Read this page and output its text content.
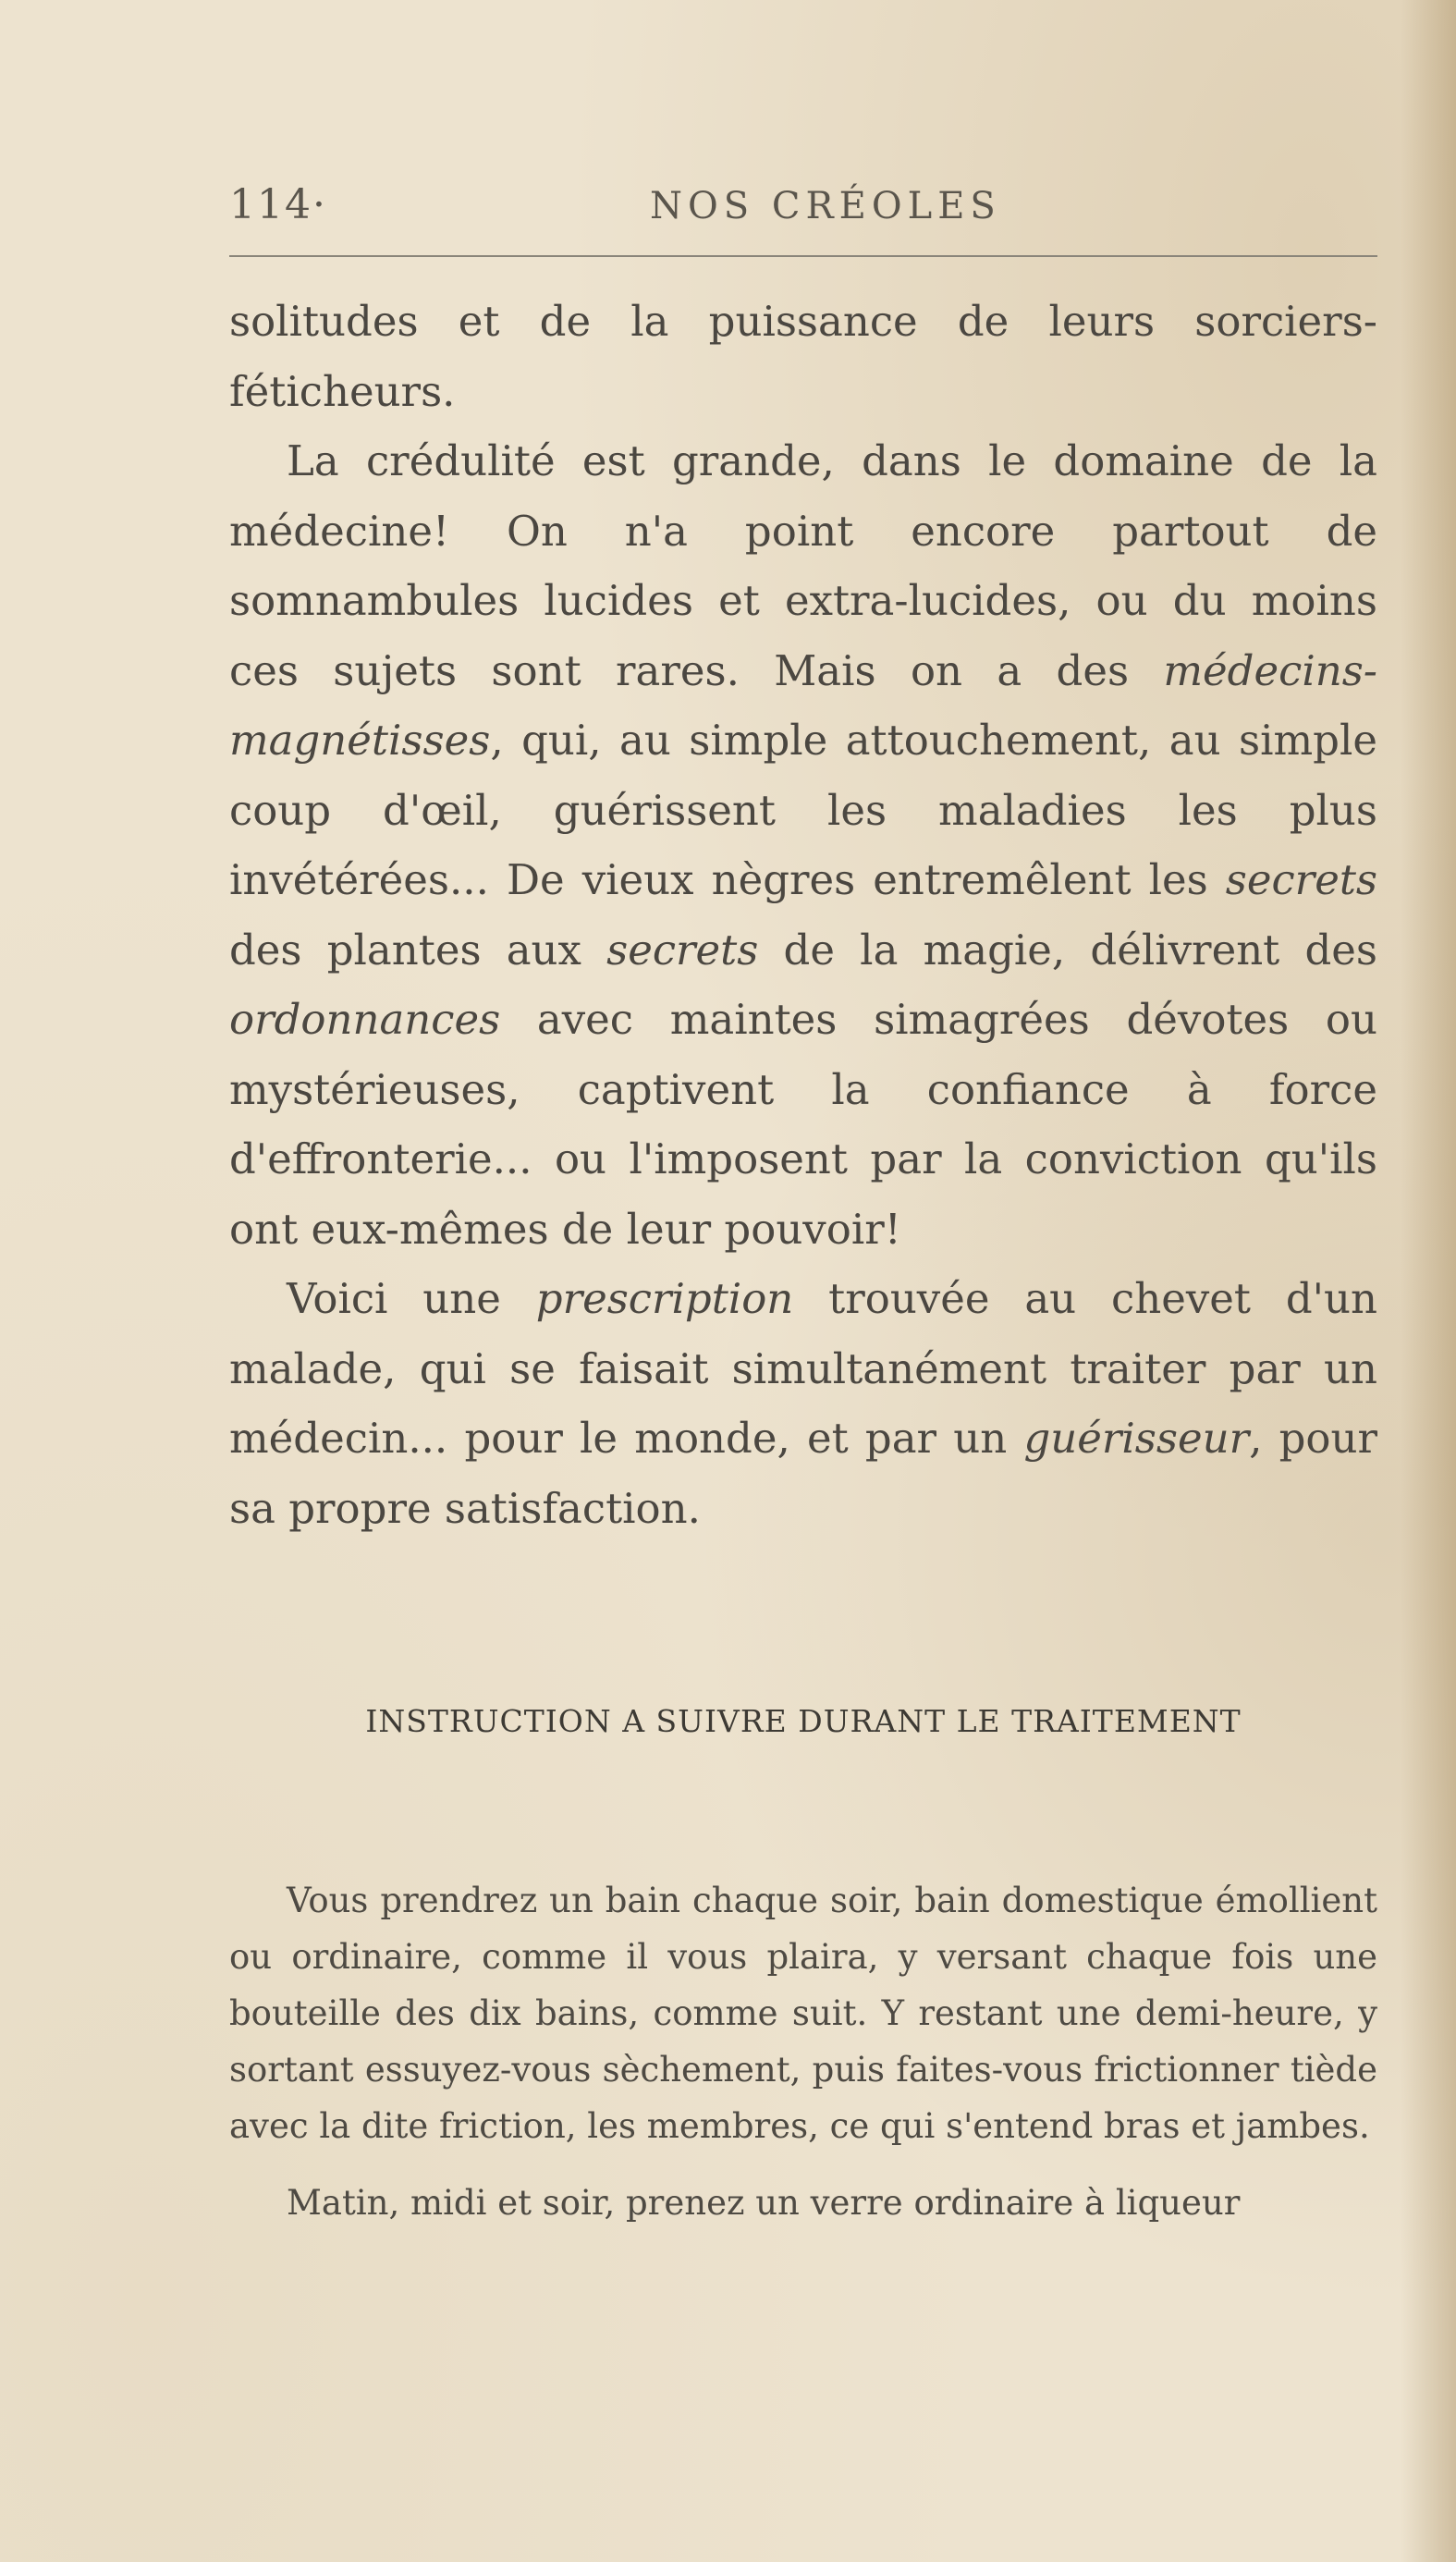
114·	NOS CRÉOLES

solitudes et de la puissance de leurs sorciers-féticheurs.

La crédulité est grande, dans le domaine de la médecine! On n'a point encore partout de somnambules lucides et extra-lucides, ou du moins ces sujets sont rares. Mais on a des médecins-magnétisses, qui, au simple attouchement, au simple coup d'œil, guérissent les maladies les plus invétérées... De vieux nègres entremêlent les secrets des plantes aux secrets de la magie, délivrent des ordonnances avec maintes simagrées dévotes ou mystérieuses, captivent la confiance à force d'effronterie... ou l'imposent par la conviction qu'ils ont eux-mêmes de leur pouvoir!

Voici une prescription trouvée au chevet d'un malade, qui se faisait simultanément traiter par un médecin... pour le monde, et par un guérisseur, pour sa propre satisfaction.

INSTRUCTION A SUIVRE DURANT LE TRAITEMENT

Vous prendrez un bain chaque soir, bain domestique émollient ou ordinaire, comme il vous plaira, y versant chaque fois une bouteille des dix bains, comme suit. Y restant une demi-heure, y sortant essuyez-vous sèchement, puis faites-vous frictionner tiède avec la dite friction, les membres, ce qui s'entend bras et jambes.

Matin, midi et soir, prenez un verre ordinaire à liqueur
